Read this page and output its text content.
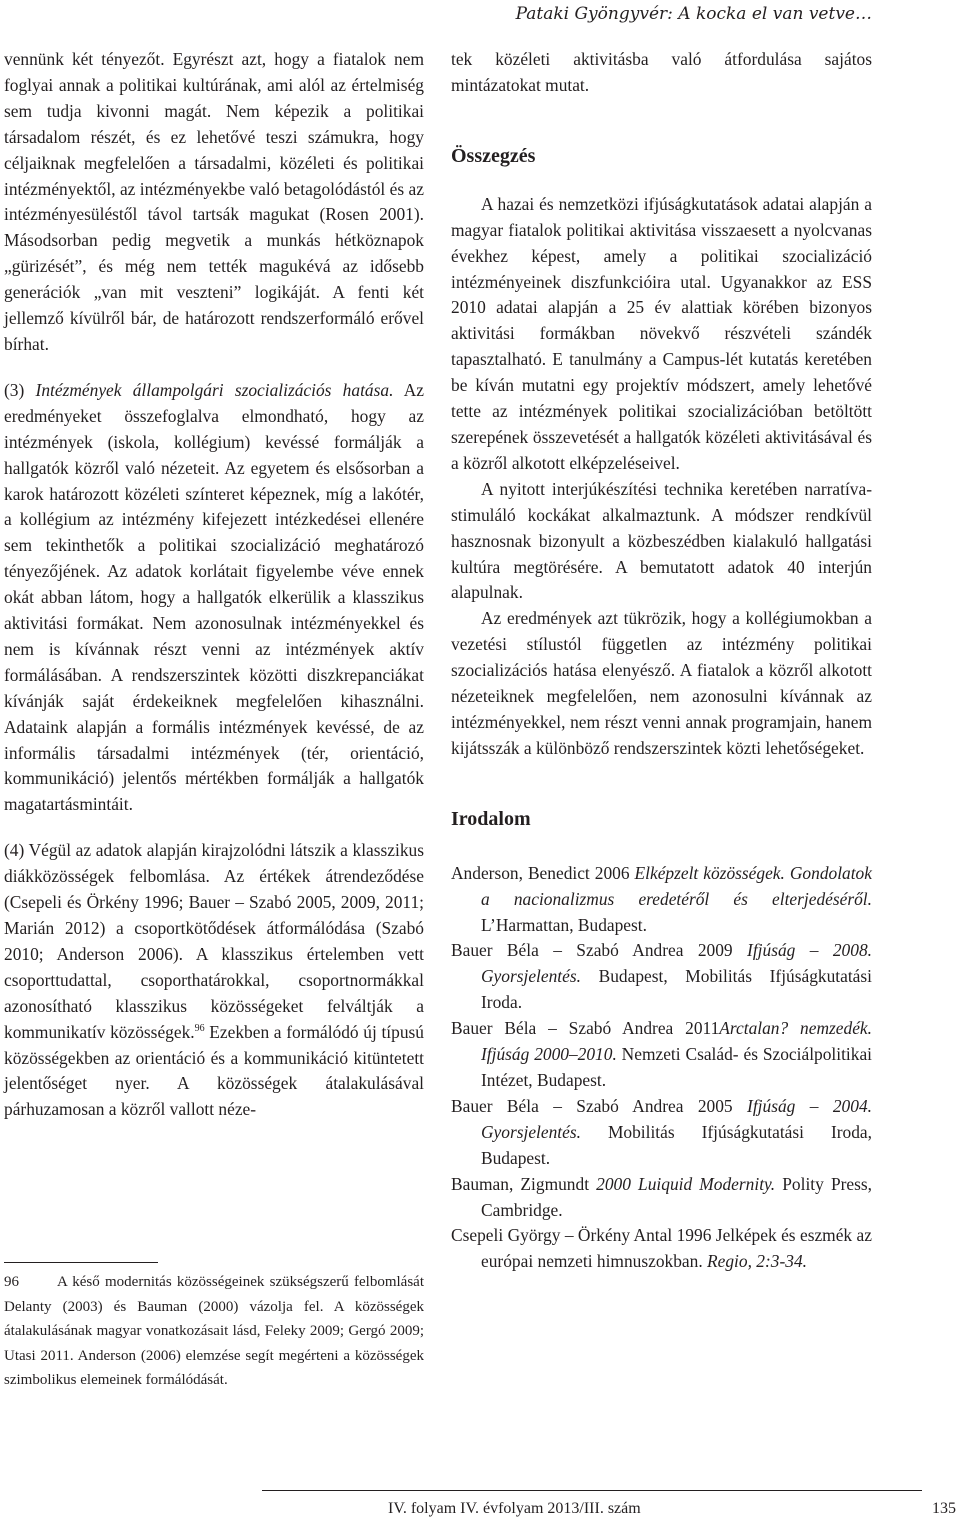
Pataki Gyöngyvér: A kocka el van vetve…

vennünk két tényezőt. Egyrészt azt, hogy a fiatalok nem foglyai annak a politikai kultúrának, ami alól az értelmiség sem tudja kivonni magát. Nem képezik a politikai társadalom részét, és ez lehetővé teszi számukra, hogy céljaiknak megfelelően a társadalmi, közéleti és politikai intézményektől, az intézményekbe való betagolódástól és az intézményesüléstől távol tartsák magukat (Rosen 2001). Másodsorban pedig megvetik a munkás hétköznapok „gürizését”, és még nem tették magukévá az idősebb generációk „van mit veszteni” logikáját. A fenti két jellemző kívülről bár, de határozott rendszerformáló erővel bírhat.

(3) Intézmények állampolgári szocializációs hatása. Az eredményeket összefoglalva elmondható, hogy az intézmények (iskola, kollégium) kevéssé formálják a hallgatók közről való nézeteit. Az egyetem és elsősorban a karok határozott közéleti színteret képeznek, míg a lakótér, a kollégium az intézmény kifejezett intézkedései ellenére sem tekinthetők a politikai szocializáció meghatározó tényezőjének. Az adatok korlátait figyelembe véve ennek okát abban látom, hogy a hallgatók elkerülik a klasszikus aktivitási formákat. Nem azonosulnak intézményekkel és nem is kívánnak részt venni az intézmények aktív formálásában. A rendszerszintek közötti diszkrepanciákat kívánják saját érdekeiknek megfelelően kihasználni. Adataink alapján a formális intézmények kevéssé, de az informális társadalmi intézmények (tér, orientáció, kommunikáció) jelentős mértékben formálják a hallgatók magatartásmintáit.

(4) Végül az adatok alapján kirajzolódni látszik a klasszikus diákközösségek felbomlása. Az értékek átrendeződése (Csepeli és Örkény 1996; Bauer – Szabó 2005, 2009, 2011; Marián 2012) a csoportkötődések átformálódása (Szabó 2010; Anderson 2006). A klasszikus értelemben vett csoporttudattal, csoporthatárokkal, csoportnormákkal azonosítható klasszikus közösségeket felváltják a kommunikatív közösségek.$^{96}$ Ezekben a formálódó új típusú közösségekben az orientáció és a kommunikáció kitüntetett jelentőséget nyer. A közösségek átalakulásával párhuzamosan a közről vallott néze-

96	A késő modernitás közösségeinek szükségszerű felbomlását Delanty (2003) és Bauman (2000) vázolja fel. A közösségek átalakulásának magyar vonatkozásait lásd, Feleky 2009; Gergó 2009; Utasi 2011. Anderson (2006) elemzése segít megérteni a közösségek szimbolikus elemeinek formálódását.

tek közéleti aktivitásba való átfordulása sajátos mintázatokat mutat.

Összegzés

A hazai és nemzetközi ifjúságkutatások adatai alapján a magyar fiatalok politikai aktivitása visszaesett a nyolcvanas évekhez képest, amely a politikai szocializáció intézményeinek diszfunkcióira utal. Ugyanakkor az ESS 2010 adatai alapján a 25 év alattiak körében bizonyos aktivitási formákban növekvő részvételi szándék tapasztalható. E tanulmány a Campus-lét kutatás keretében be kíván mutatni egy projektív módszert, amely lehetővé tette az intézmények politikai szocializációban betöltött szerepének összevetését a hallgatók közéleti aktivitásával és a közről alkotott elképzeléseivel.

A nyitott interjúkészítési technika keretében narratíva-stimuláló kockákat alkalmaztunk. A módszer rendkívül hasznosnak bizonyult a közbeszédben kialakuló hallgatási kultúra megtörésére. A bemutatott adatok 40 interjún alapulnak.

Az eredmények azt tükrözik, hogy a kollégiumokban a vezetési stílustól független az intézmény politikai szocializációs hatása elenyésző. A fiatalok a közről alkotott nézeteiknek megfelelően, nem azonosulni kívánnak az intézményekkel, nem részt venni annak programjain, hanem kijátsszák a különböző rendszerszintek közti lehetőségeket.

Irodalom

Anderson, Benedict 2006 Elképzelt közösségek. Gondolatok a nacionalizmus eredetéről és elterjedéséről. L’Harmattan, Budapest.

Bauer Béla – Szabó Andrea 2009 Ifjúság – 2008. Gyorsjelentés. Budapest, Mobilitás Ifjúságkutatási Iroda.

Bauer Béla – Szabó Andrea 2011Arctalan? nemzedék. Ifjúság 2000–2010. Nemzeti Család- és Szociálpolitikai Intézet, Budapest.

Bauer Béla – Szabó Andrea 2005 Ifjúság – 2004. Gyorsjelentés. Mobilitás Ifjúságkutatási Iroda, Budapest.

Bauman, Zigmundt 2000 Luiquid Modernity. Polity Press, Cambridge.

Csepeli György – Örkény Antal 1996 Jelképek és eszmék az európai nemzeti himnuszokban. Regio, 2:3-34.

IV. folyam IV. évfolyam 2013/III. szám	135
